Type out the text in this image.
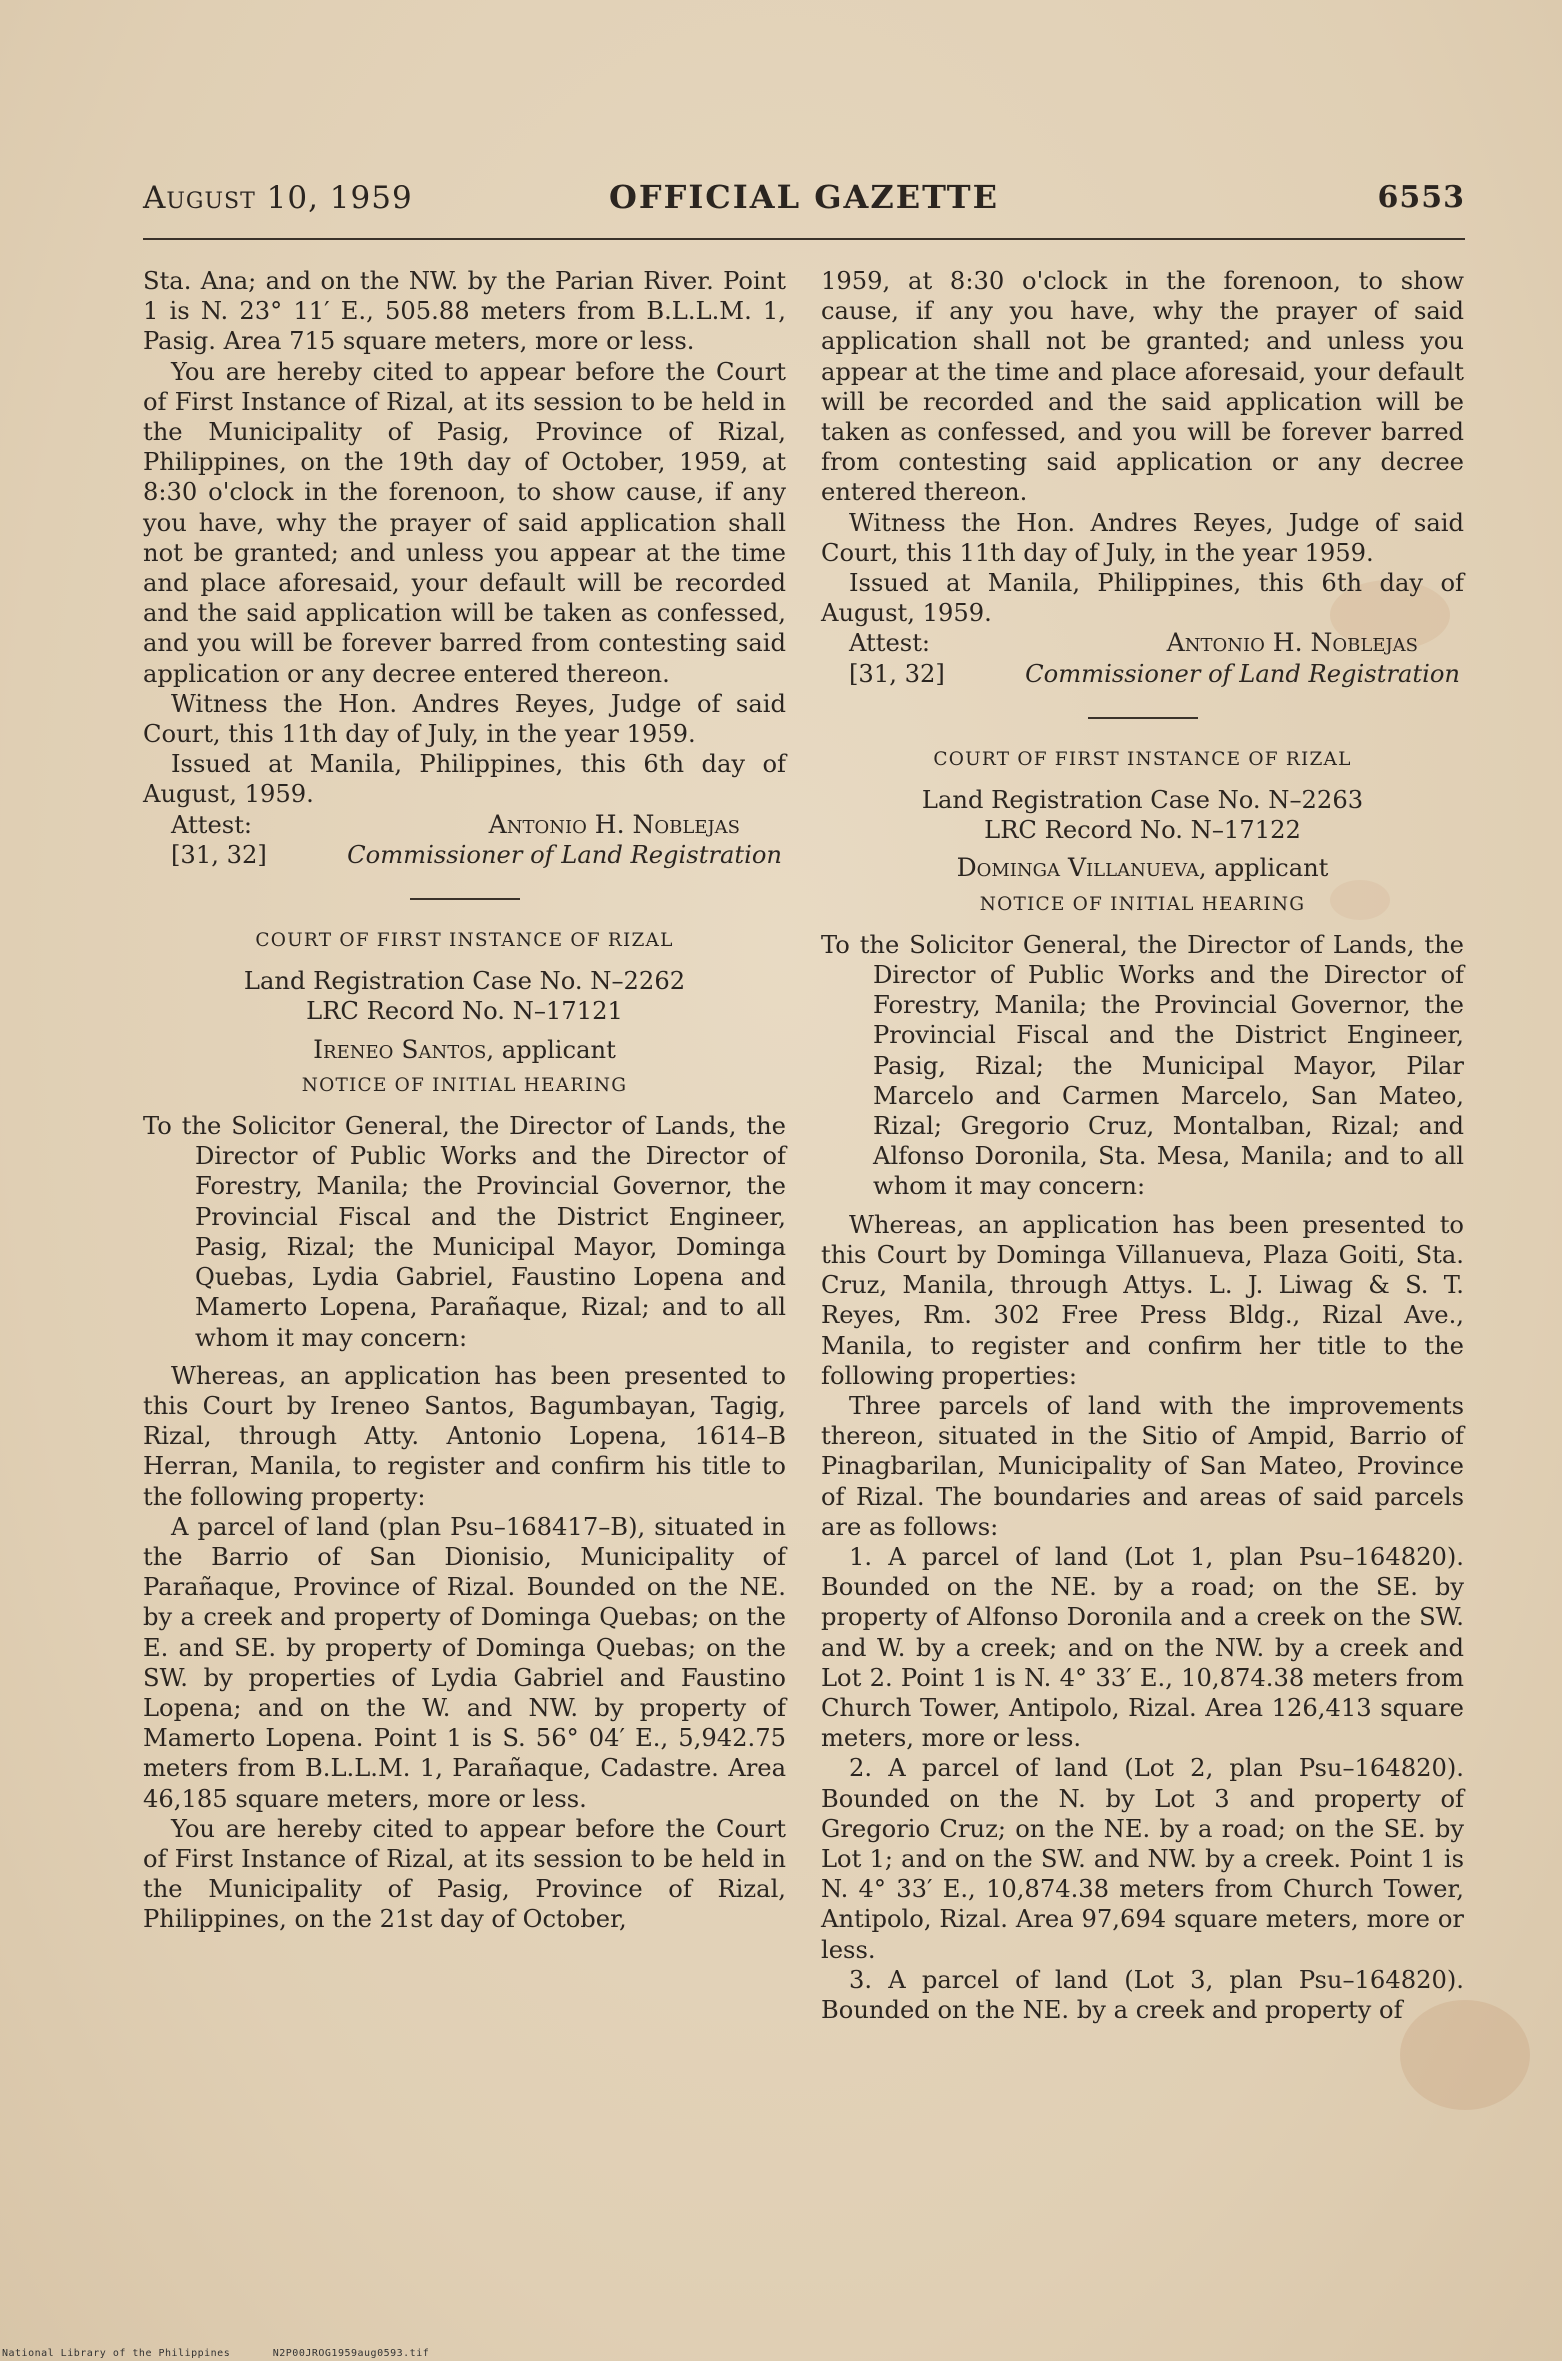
August 10, 1959	OFFICIAL GAZETTE	6553

Sta. Ana; and on the NW. by the Parian River. Point 1 is N. 23° 11′ E., 505.88 meters from B.L.L.M. 1, Pasig. Area 715 square meters, more or less.

You are hereby cited to appear before the Court of First Instance of Rizal, at its session to be held in the Municipality of Pasig, Province of Rizal, Philippines, on the 19th day of October, 1959, at 8:30 o'clock in the forenoon, to show cause, if any you have, why the prayer of said application shall not be granted; and unless you appear at the time and place aforesaid, your default will be recorded and the said application will be taken as confessed, and you will be forever barred from contesting said application or any decree entered thereon.

Witness the Hon. Andres Reyes, Judge of said Court, this 11th day of July, in the year 1959.

Issued at Manila, Philippines, this 6th day of August, 1959.

Attest:	Antonio H. Noblejas
[31, 32]	Commissioner of Land Registration
COURT OF FIRST INSTANCE OF RIZAL

Land Registration Case No. N–2262

LRC Record No. N–17121

Ireneo Santos, applicant

NOTICE OF INITIAL HEARING

To the Solicitor General, the Director of Lands, the Director of Public Works and the Director of Forestry, Manila; the Provincial Governor, the Provincial Fiscal and the District Engineer, Pasig, Rizal; the Municipal Mayor, Dominga Quebas, Lydia Gabriel, Faustino Lopena and Mamerto Lopena, Parañaque, Rizal; and to all whom it may concern:

Whereas, an application has been presented to this Court by Ireneo Santos, Bagumbayan, Tagig, Rizal, through Atty. Antonio Lopena, 1614–B Herran, Manila, to register and confirm his title to the following property:

A parcel of land (plan Psu–168417–B), situated in the Barrio of San Dionisio, Municipality of Parañaque, Province of Rizal. Bounded on the NE. by a creek and property of Dominga Quebas; on the E. and SE. by property of Dominga Quebas; on the SW. by properties of Lydia Gabriel and Faustino Lopena; and on the W. and NW. by property of Mamerto Lopena. Point 1 is S. 56° 04′ E., 5,942.75 meters from B.L.L.M. 1, Parañaque, Cadastre. Area 46,185 square meters, more or less.

You are hereby cited to appear before the Court of First Instance of Rizal, at its session to be held in the Municipality of Pasig, Province of Rizal, Philippines, on the 21st day of October,

1959, at 8:30 o'clock in the forenoon, to show cause, if any you have, why the prayer of said application shall not be granted; and unless you appear at the time and place aforesaid, your default will be recorded and the said application will be taken as confessed, and you will be forever barred from contesting said application or any decree entered thereon.

Witness the Hon. Andres Reyes, Judge of said Court, this 11th day of July, in the year 1959.

Issued at Manila, Philippines, this 6th day of August, 1959.

Attest:	Antonio H. Noblejas
[31, 32]	Commissioner of Land Registration
COURT OF FIRST INSTANCE OF RIZAL

Land Registration Case No. N–2263

LRC Record No. N–17122

Dominga Villanueva, applicant

NOTICE OF INITIAL HEARING

To the Solicitor General, the Director of Lands, the Director of Public Works and the Director of Forestry, Manila; the Provincial Governor, the Provincial Fiscal and the District Engineer, Pasig, Rizal; the Municipal Mayor, Pilar Marcelo and Carmen Marcelo, San Mateo, Rizal; Gregorio Cruz, Montalban, Rizal; and Alfonso Doronila, Sta. Mesa, Manila; and to all whom it may concern:

Whereas, an application has been presented to this Court by Dominga Villanueva, Plaza Goiti, Sta. Cruz, Manila, through Attys. L. J. Liwag & S. T. Reyes, Rm. 302 Free Press Bldg., Rizal Ave., Manila, to register and confirm her title to the following properties:

Three parcels of land with the improvements thereon, situated in the Sitio of Ampid, Barrio of Pinagbarilan, Municipality of San Mateo, Province of Rizal. The boundaries and areas of said parcels are as follows:

1. A parcel of land (Lot 1, plan Psu–164820). Bounded on the NE. by a road; on the SE. by property of Alfonso Doronila and a creek on the SW. and W. by a creek; and on the NW. by a creek and Lot 2. Point 1 is N. 4° 33′ E., 10,874.38 meters from Church Tower, Antipolo, Rizal. Area 126,413 square meters, more or less.

2. A parcel of land (Lot 2, plan Psu–164820). Bounded on the N. by Lot 3 and property of Gregorio Cruz; on the NE. by a road; on the SE. by Lot 1; and on the SW. and NW. by a creek. Point 1 is N. 4° 33′ E., 10,874.38 meters from Church Tower, Antipolo, Rizal. Area 97,694 square meters, more or less.

3. A parcel of land (Lot 3, plan Psu–164820). Bounded on the NE. by a creek and property of

National Library of the Philippines	N2P00JROG1959aug0593.tif
